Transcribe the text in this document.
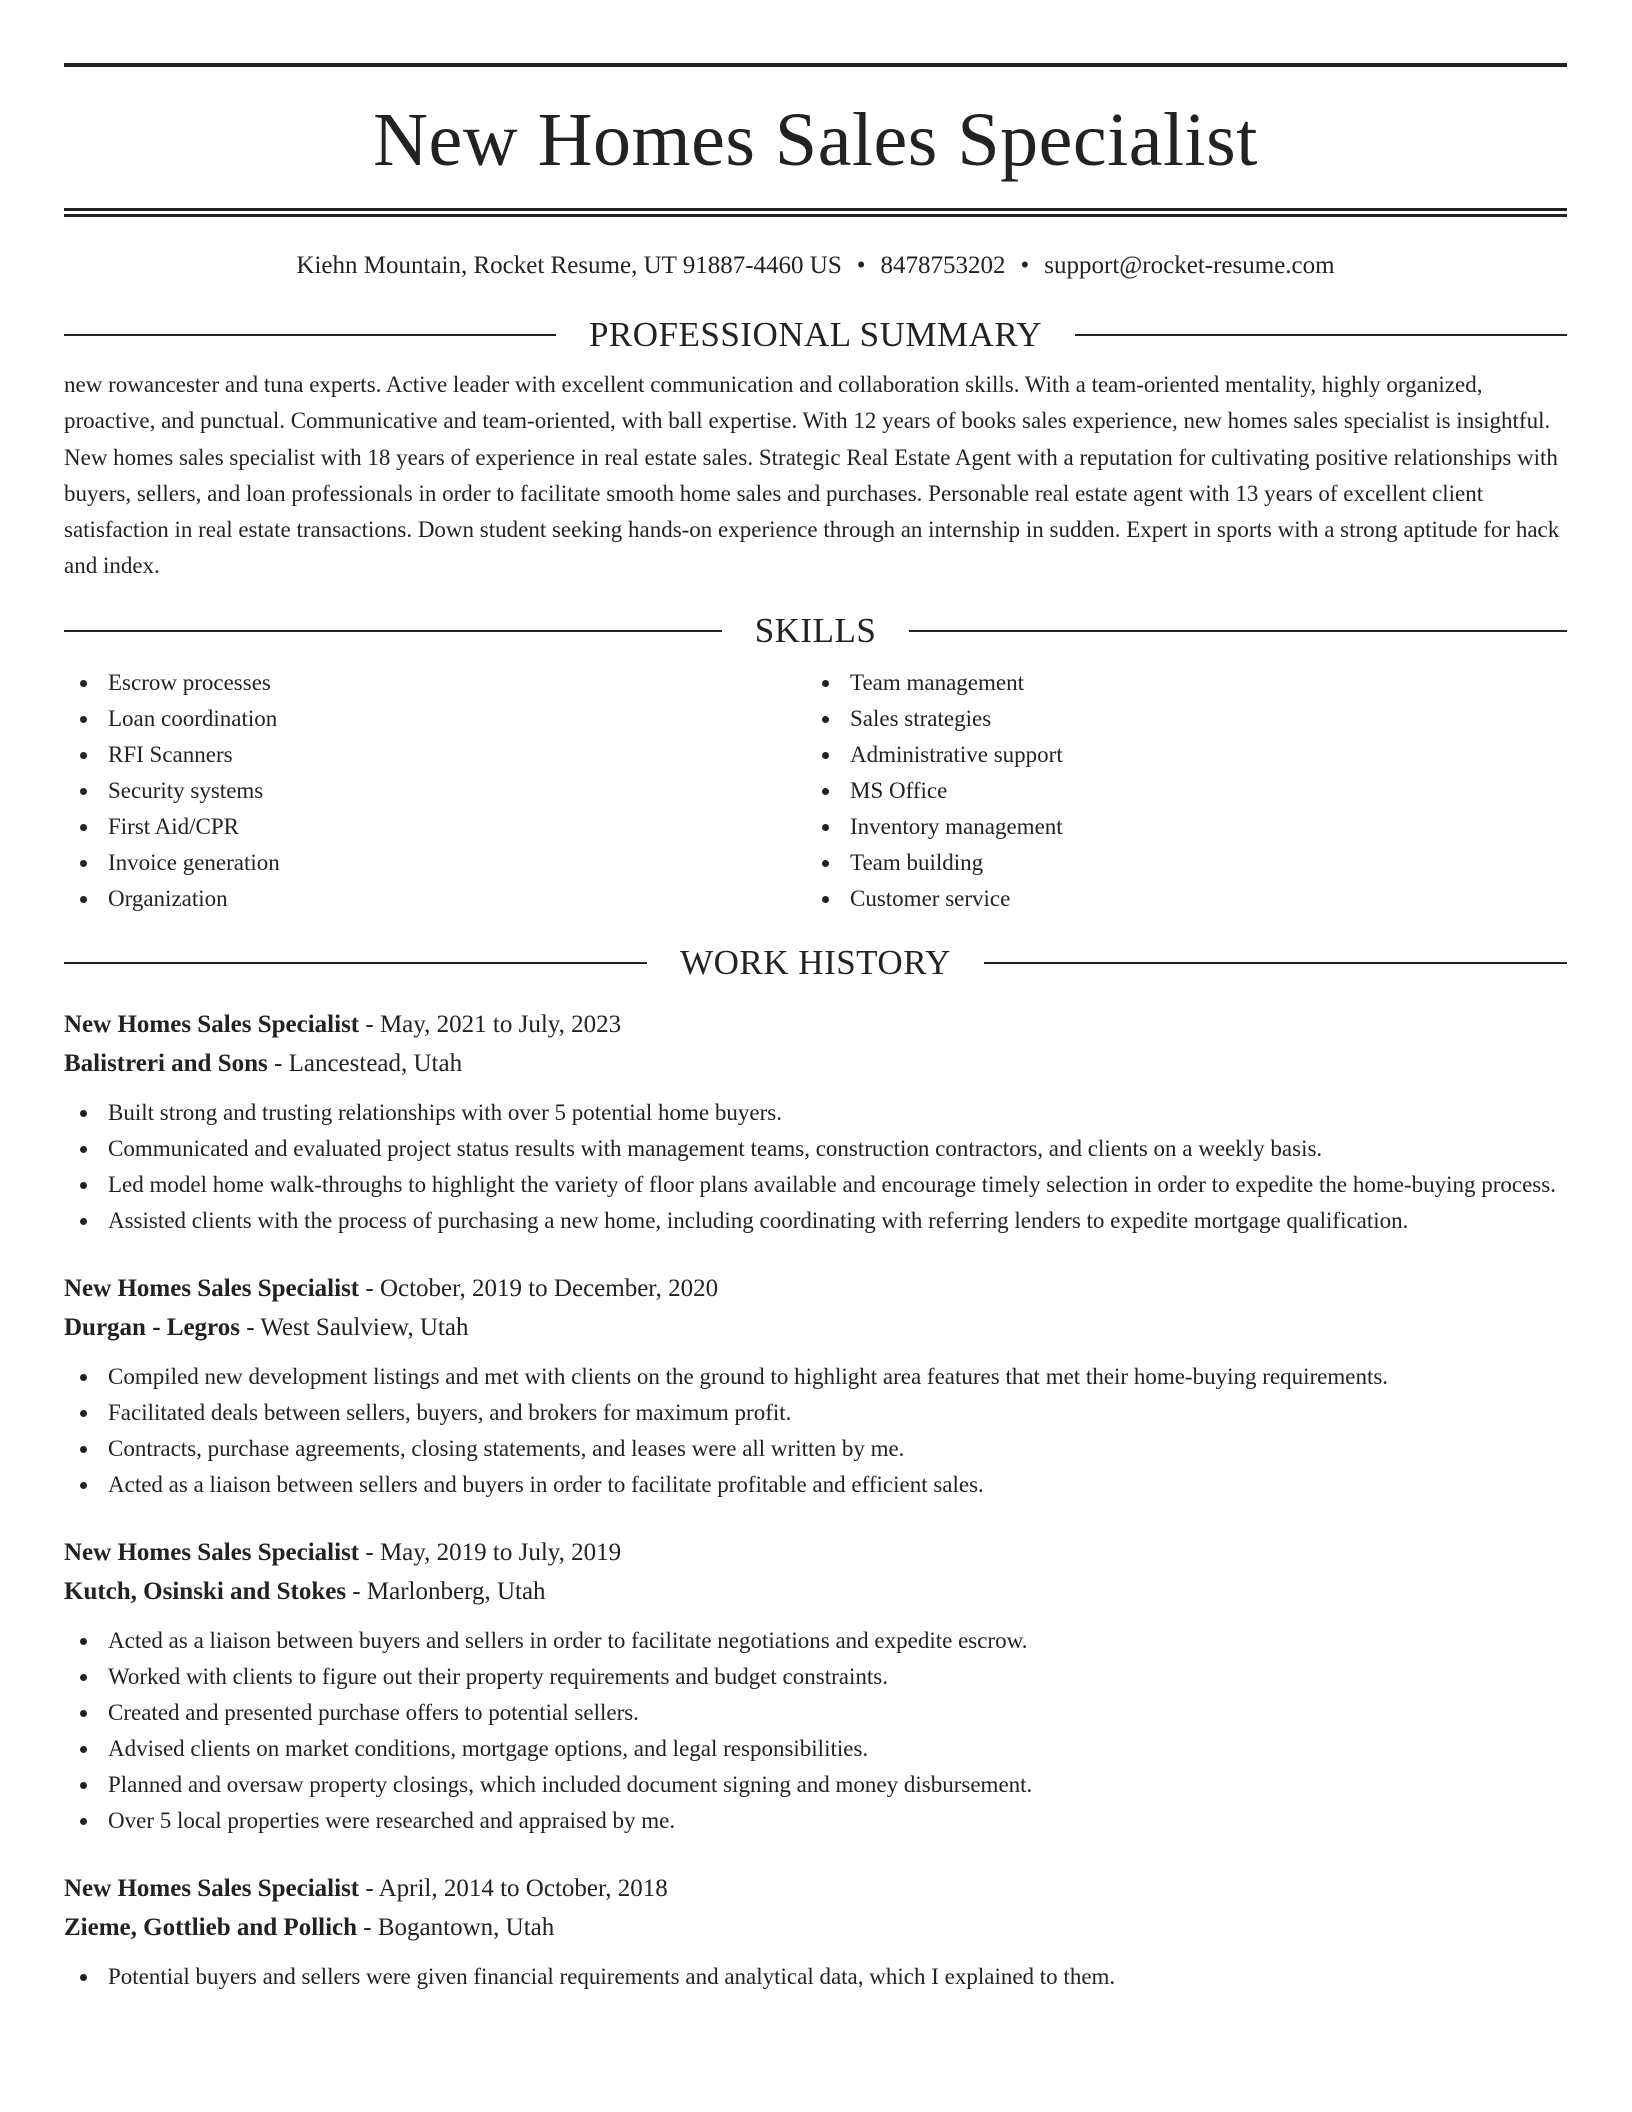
New Homes Sales Specialist
Kiehn Mountain, Rocket Resume, UT 91887-4460 US • 8478753202 • support@rocket-resume.com
PROFESSIONAL SUMMARY
new rowancester and tuna experts. Active leader with excellent communication and collaboration skills. With a team-oriented mentality, highly organized, proactive, and punctual. Communicative and team-oriented, with ball expertise. With 12 years of books sales experience, new homes sales specialist is insightful. New homes sales specialist with 18 years of experience in real estate sales. Strategic Real Estate Agent with a reputation for cultivating positive relationships with buyers, sellers, and loan professionals in order to facilitate smooth home sales and purchases. Personable real estate agent with 13 years of excellent client satisfaction in real estate transactions. Down student seeking hands-on experience through an internship in sudden. Expert in sports with a strong aptitude for hack and index.
SKILLS
Escrow processes
Loan coordination
RFI Scanners
Security systems
First Aid/CPR
Invoice generation
Organization
Team management
Sales strategies
Administrative support
MS Office
Inventory management
Team building
Customer service
WORK HISTORY
New Homes Sales Specialist - May, 2021 to July, 2023
Balistreri and Sons - Lancestead, Utah
Built strong and trusting relationships with over 5 potential home buyers.
Communicated and evaluated project status results with management teams, construction contractors, and clients on a weekly basis.
Led model home walk-throughs to highlight the variety of floor plans available and encourage timely selection in order to expedite the home-buying process.
Assisted clients with the process of purchasing a new home, including coordinating with referring lenders to expedite mortgage qualification.
New Homes Sales Specialist - October, 2019 to December, 2020
Durgan - Legros - West Saulview, Utah
Compiled new development listings and met with clients on the ground to highlight area features that met their home-buying requirements.
Facilitated deals between sellers, buyers, and brokers for maximum profit.
Contracts, purchase agreements, closing statements, and leases were all written by me.
Acted as a liaison between sellers and buyers in order to facilitate profitable and efficient sales.
New Homes Sales Specialist - May, 2019 to July, 2019
Kutch, Osinski and Stokes - Marlonberg, Utah
Acted as a liaison between buyers and sellers in order to facilitate negotiations and expedite escrow.
Worked with clients to figure out their property requirements and budget constraints.
Created and presented purchase offers to potential sellers.
Advised clients on market conditions, mortgage options, and legal responsibilities.
Planned and oversaw property closings, which included document signing and money disbursement.
Over 5 local properties were researched and appraised by me.
New Homes Sales Specialist - April, 2014 to October, 2018
Zieme, Gottlieb and Pollich - Bogantown, Utah
Potential buyers and sellers were given financial requirements and analytical data, which I explained to them.
